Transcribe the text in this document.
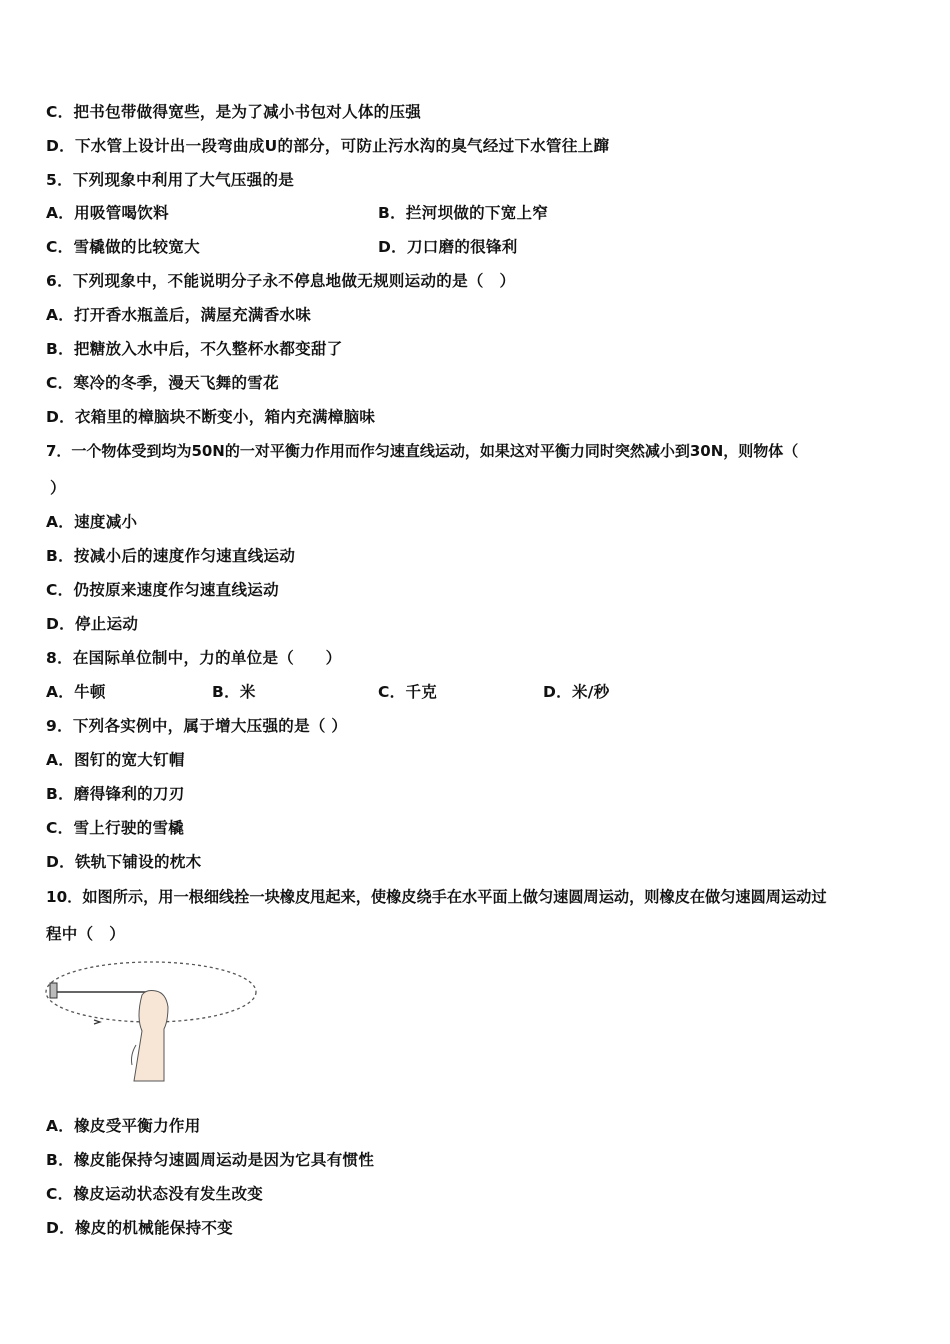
C．把书包带做得宽些，是为了减小书包对人体的压强
D．下水管上设计出一段弯曲成U的部分，可防止污水沟的臭气经过下水管往上蹿
5．下列现象中利用了大气压强的是
A．用吸管喝饮料	B．拦河坝做的下宽上窄
C．雪橇做的比较宽大	D．刀口磨的很锋利
6．下列现象中，不能说明分子永不停息地做无规则运动的是（　）
A．打开香水瓶盖后，满屋充满香水味
B．把糖放入水中后，不久整杯水都变甜了
C．寒冷的冬季，漫天飞舞的雪花
D．衣箱里的樟脑块不断变小，箱内充满樟脑味
7．一个物体受到均为50N的一对平衡力作用而作匀速直线运动，如果这对平衡力同时突然减小到30N，则物体（
）
A．速度减小
B．按减小后的速度作匀速直线运动
C．仍按原来速度作匀速直线运动
D．停止运动
8．在国际单位制中，力的单位是（　　）
A．牛顿	B．米	C．千克	D．米/秒
9．下列各实例中，属于增大压强的是（ ）
A．图钉的宽大钉帽
B．磨得锋利的刀刃
C．雪上行驶的雪橇
D．铁轨下铺设的枕木
10．如图所示，用一根细线拴一块橡皮甩起来，使橡皮绕手在水平面上做匀速圆周运动，则橡皮在做匀速圆周运动过
程中（　）
A．橡皮受平衡力作用
B．橡皮能保持匀速圆周运动是因为它具有惯性
C．橡皮运动状态没有发生改变
D．橡皮的机械能保持不变
